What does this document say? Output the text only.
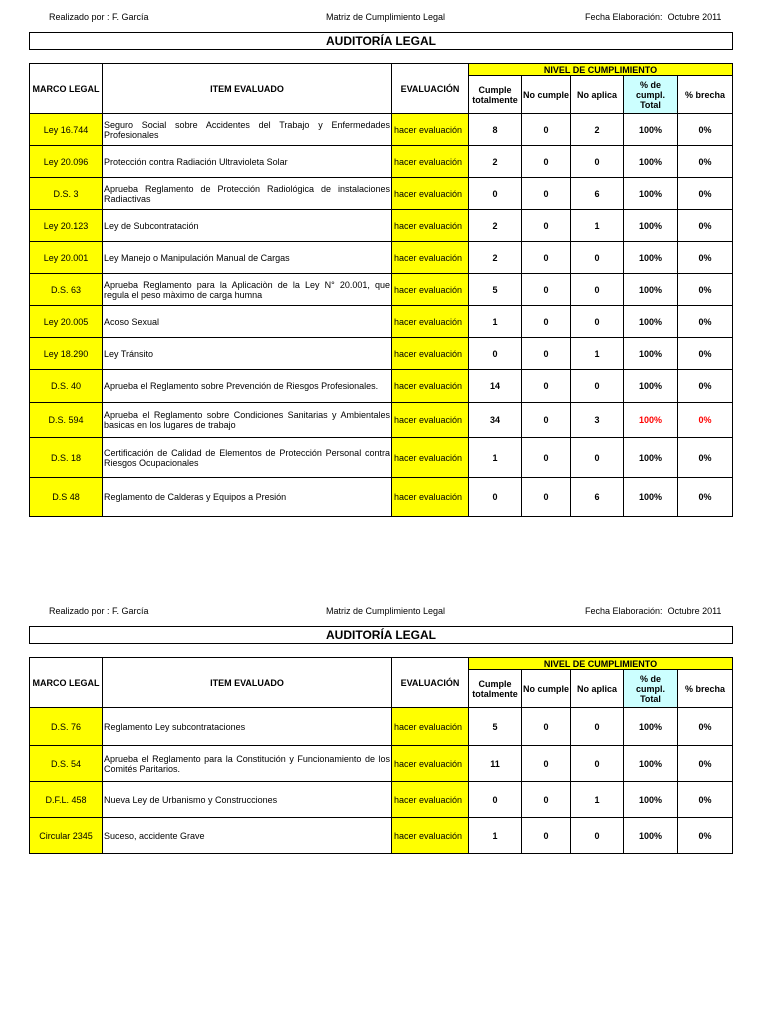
Realizado por : F. García	Matriz de Cumplimiento Legal	Fecha Elaboración: Octubre 2011
AUDITORÍA LEGAL
MARCO LEGAL	ITEM EVALUADO	EVALUACIÓN	NIVEL DE CUMPLIMIENTO				
			Cumple totalmente	No cumple	No aplica	% de cumpl. Total	% brecha
Ley 16.744	Seguro Social sobre Accidentes del Trabajo y Enfermedades Profesionales	hacer evaluación	8	0	2	100%	0%
Ley 20.096	Protección contra Radiación Ultravioleta Solar	hacer evaluación	2	0	0	100%	0%
D.S. 3	Aprueba Reglamento de Protección Radiológica de instalaciones Radiactivas	hacer evaluación	0	0	6	100%	0%
Ley 20.123	Ley de Subcontratación	hacer evaluación	2	0	1	100%	0%
Ley 20.001	Ley Manejo o Manipulación Manual de Cargas	hacer evaluación	2	0	0	100%	0%
D.S. 63	Aprueba Reglamento para la Aplicaciòn de la Ley N° 20.001, que regula el peso màximo de carga humna	hacer evaluación	5	0	0	100%	0%
Ley 20.005	Acoso Sexual	hacer evaluación	1	0	0	100%	0%
Ley 18.290	Ley Tránsito	hacer evaluación	0	0	1	100%	0%
D.S. 40	Aprueba el Reglamento sobre Prevención de Riesgos Profesionales.	hacer evaluación	14	0	0	100%	0%
D.S. 594	Aprueba el Reglamento sobre Condiciones Sanitarias y Ambientales basicas en los lugares de trabajo	hacer evaluación	34	0	3	100%	0%
D.S. 18	Certificación de Calidad de Elementos de Protección Personal contra Riesgos Ocupacionales	hacer evaluación	1	0	0	100%	0%
D.S 48	Reglamento de Calderas y Equipos a Presión	hacer evaluación	0	0	6	100%	0%
Realizado por : F. García	Matriz de Cumplimiento Legal	Fecha Elaboración: Octubre 2011
AUDITORÍA LEGAL
MARCO LEGAL	ITEM EVALUADO	EVALUACIÓN	NIVEL DE CUMPLIMIENTO				
			Cumple totalmente	No cumple	No aplica	% de cumpl. Total	% brecha
D.S. 76	Reglamento Ley subcontrataciones	hacer evaluación	5	0	0	100%	0%
D.S. 54	Aprueba el Reglamento para la Constitución y Funcionamiento de los Comités Paritarios.	hacer evaluación	11	0	0	100%	0%
D.F.L. 458	Nueva Ley de Urbanismo y Construcciones	hacer evaluación	0	0	1	100%	0%
Circular 2345	Suceso, accidente Grave	hacer evaluación	1	0	0	100%	0%
